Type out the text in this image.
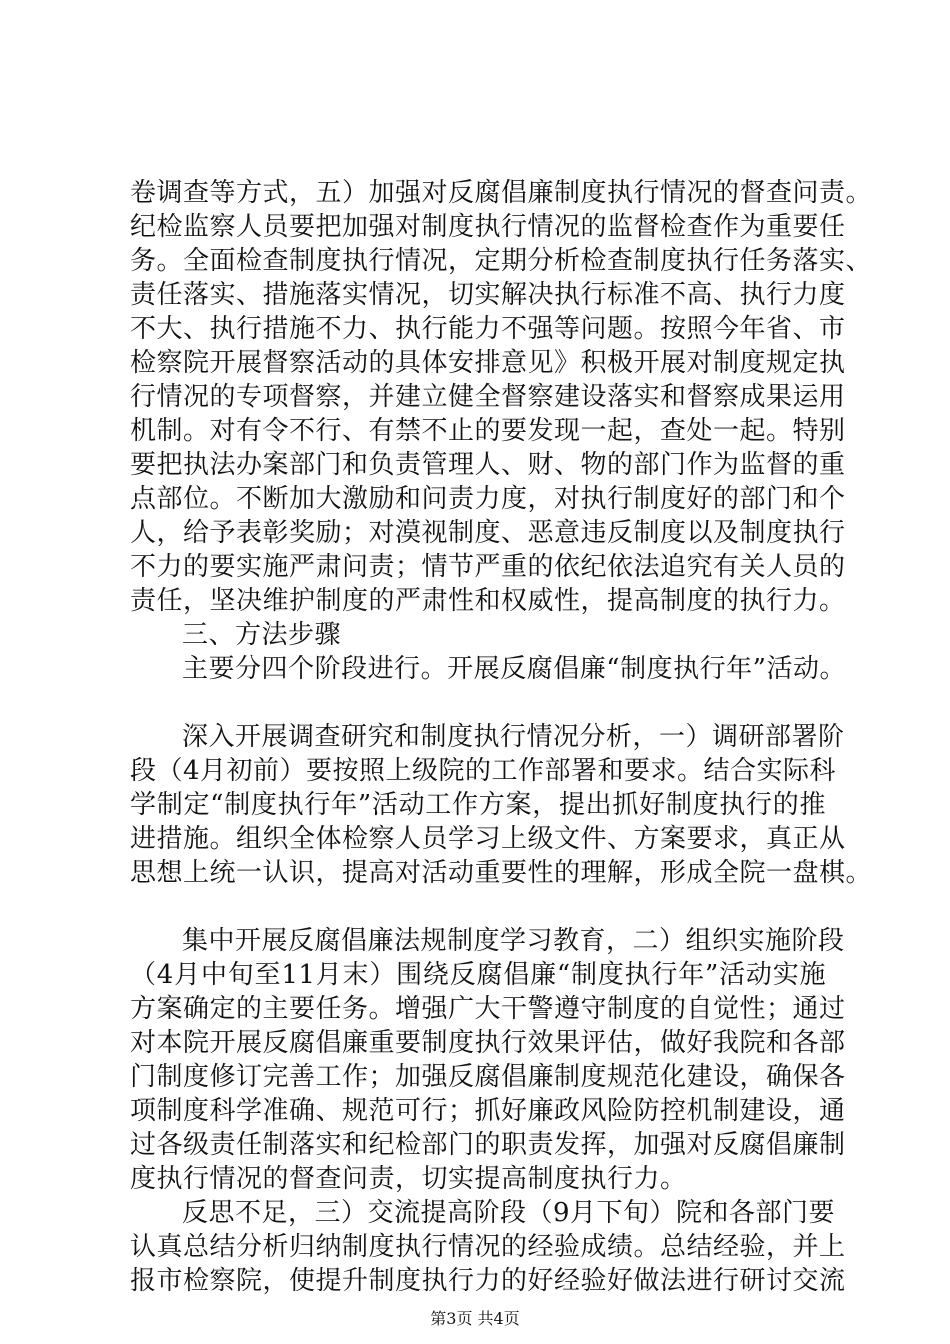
卷调查等方式，五）加强对反腐倡廉制度执行情况的督查问责。
纪检监察人员要把加强对制度执行情况的监督检查作为重要任
务。全面检查制度执行情况，定期分析检查制度执行任务落实、
责任落实、措施落实情况，切实解决执行标准不高、执行力度
不大、执行措施不力、执行能力不强等问题。按照今年省、市
检察院开展督察活动的具体安排意见》积极开展对制度规定执
行情况的专项督察，并建立健全督察建设落实和督察成果运用
机制。对有令不行、有禁不止的要发现一起，查处一起。特别
要把执法办案部门和负责管理人、财、物的部门作为监督的重
点部位。不断加大激励和问责力度，对执行制度好的部门和个
人，给予表彰奖励；对漠视制度、恶意违反制度以及制度执行
不力的要实施严肃问责；情节严重的依纪依法追究有关人员的
责任，坚决维护制度的严肃性和权威性，提高制度的执行力。
三、方法步骤
主要分四个阶段进行。开展反腐倡廉“制度执行年”活动。
深入开展调查研究和制度执行情况分析，一）调研部署阶
段（4月初前）要按照上级院的工作部署和要求。结合实际科
学制定“制度执行年”活动工作方案，提出抓好制度执行的推
进措施。组织全体检察人员学习上级文件、方案要求，真正从
思想上统一认识，提高对活动重要性的理解，形成全院一盘棋。
集中开展反腐倡廉法规制度学习教育，二）组织实施阶段
（4月中旬至11月末）围绕反腐倡廉“制度执行年”活动实施
方案确定的主要任务。增强广大干警遵守制度的自觉性；通过
对本院开展反腐倡廉重要制度执行效果评估，做好我院和各部
门制度修订完善工作；加强反腐倡廉制度规范化建设，确保各
项制度科学准确、规范可行；抓好廉政风险防控机制建设，通
过各级责任制落实和纪检部门的职责发挥，加强对反腐倡廉制
度执行情况的督查问责，切实提高制度执行力。
反思不足，三）交流提高阶段（9月下旬）院和各部门要
认真总结分析归纳制度执行情况的经验成绩。总结经验，并上
报市检察院，使提升制度执行力的好经验好做法进行研讨交流
第3页 共4页
